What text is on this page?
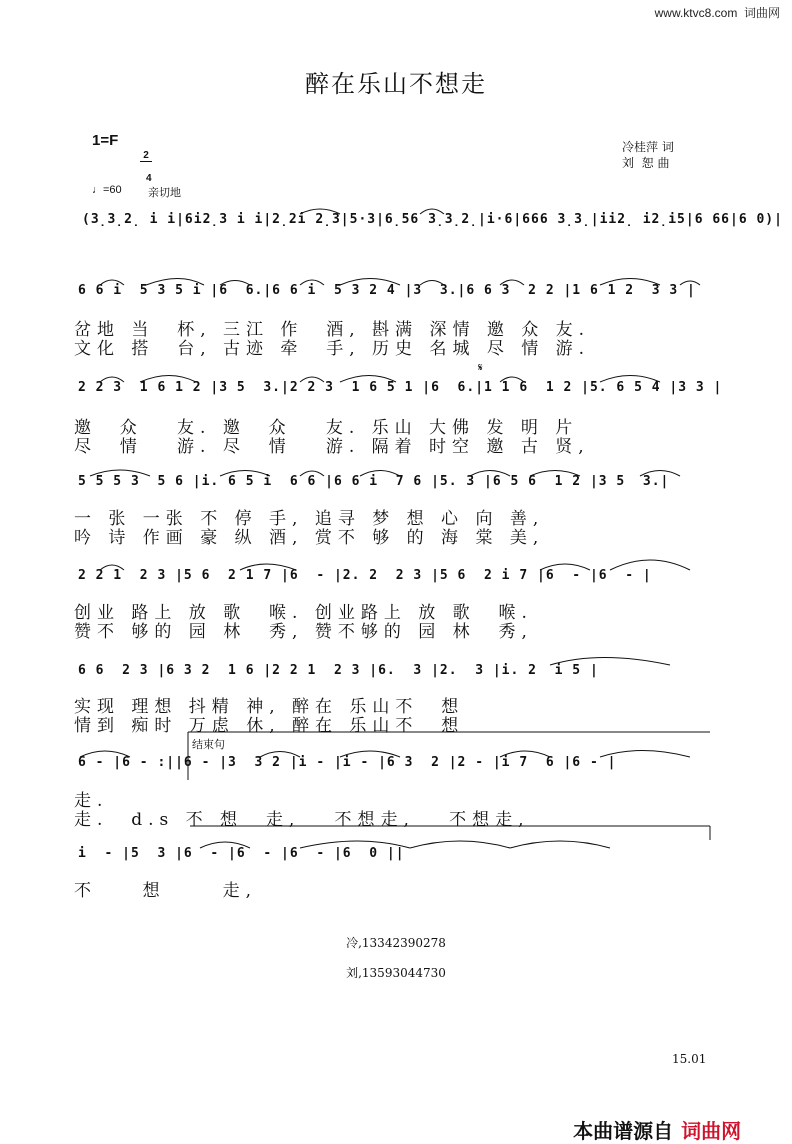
www.ktvc8.com  词曲网
醉在乐山不想走
1=F

$\frac{2}{4}$	冷桂萍 词
刘  恕 曲
♩=60 亲切地
(3̣3̣2̣ i i|6i2̣3 i i|2̣2i 2̣3|5·3|6̣56 3̣3̣2̣|i·6|666 3̣3̣|ii2̣ i2̣i5|6 66|6 0)|
6 6 i  5 3 5 i |6  6.|6 6 i  5 3 2 4 |3  3.|6 6 3  2 2 |1 6 1 2  3 3 |
岔地 当  杯, 三江 作  酒, 斟满 深情 邀 众 友.
文化 搭  台, 古迹 牵  手, 历史 名城 尽 情 游.
𝄋
2 2 3  1 6 1 2 |3 5  3.|2 2 3  1 6 5 1 |6  6.|1 1 6  1 2 |5. 6 5 4 |3 3 |
邀  众   友. 邀  众   友. 乐山 大佛 发 明 片
尽  情   游. 尽  情   游. 隔着 时空 邀 古 贤,
5 5 5 3  5 6 |i. 6 5 i  6 6 |6 6 i  7 6 |5. 3 |6 5 6  1 2 |3 5  3.|
一 张 一张 不 停 手, 追寻 梦 想 心 向 善,
吟 诗 作画 豪 纵 酒, 赏不 够 的 海 棠 美,
2 2 1  2 3 |5 6  2 1 7 |6  - |2. 2  2 3 |5 6  2 i 7 |6  - |6  - |
创业 路上 放 歌  喉. 创业路上 放 歌  喉.
赞不 够的 园 林  秀, 赞不够的 园 林  秀,
6 6  2 3 |6 3 2  1 6 |2 2 1  2 3 |6.  3 |2.  3 |i. 2  i 5 |
实现 理想 抖精 神, 醉在 乐山不  想
情到 痴时 万虑 休, 醉在 乐山不  想
结束句
6 - |6 - :||6 - |3  3 2 |i - |i - |6 3  2 |2 - |i 7  6 |6 - |
走.
走.  d.s 不 想  走,   不想走,   不想走,
i  - |5  3 |6  - |6  - |6  - |6  0 ||
不    想     走,
冷,13342390278
刘,13593044730
15.01

本曲谱源自 词曲网
